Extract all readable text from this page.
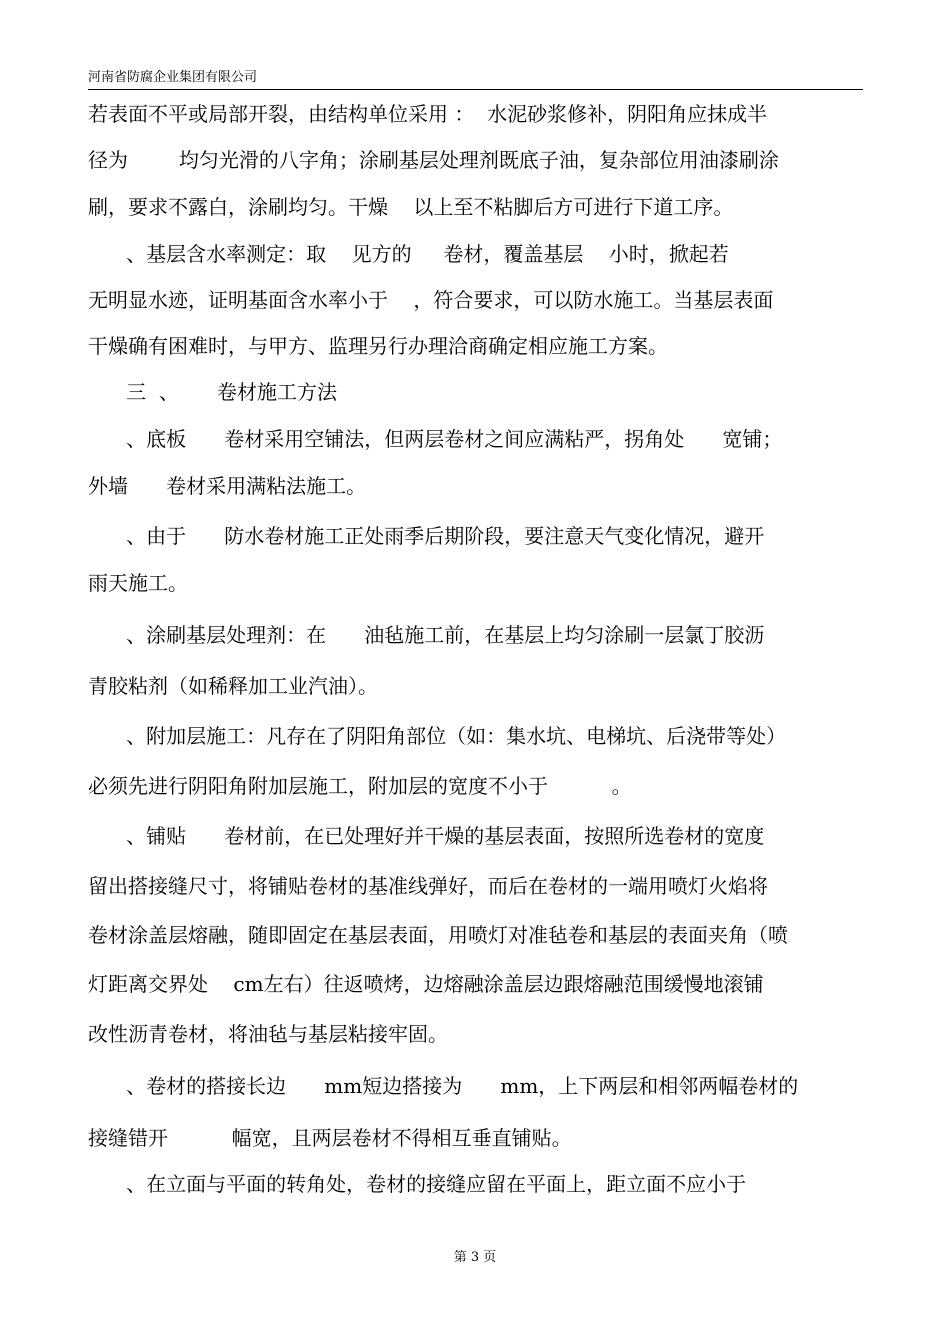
河南省防腐企业集团有限公司
若表面不平或局部开裂，由结构单位采用 ：  水泥砂浆修补，阴阳角应抹成半
径为        均匀光滑的八字角；涂刷基层处理剂既底子油，复杂部位用油漆刷涂
刷，要求不露白，涂刷均匀。干燥    以上至不粘脚后方可进行下道工序。
、基层含水率测定：取    见方的     卷材，覆盖基层    小时，掀起若
无明显水迹，证明基面含水率小于    ，符合要求，可以防水施工。当基层表面
干燥确有困难时，与甲方、监理另行办理洽商确定相应施工方案。
三  、      卷材施工方法
、底板      卷材采用空铺法，但两层卷材之间应满粘严，拐角处      宽铺；
外墙      卷材采用满粘法施工。
、由于      防水卷材施工正处雨季后期阶段，要注意天气变化情况，避开
雨天施工。
、涂刷基层处理剂：在      油毡施工前，在基层上均匀涂刷一层氯丁胶沥
青胶粘剂（如稀释加工业汽油）。
、附加层施工：凡存在了阴阳角部位（如：集水坑、电梯坑、后浇带等处）
必须先进行阴阳角附加层施工，附加层的宽度不小于          。
、铺贴      卷材前，在已处理好并干燥的基层表面，按照所选卷材的宽度
留出搭接缝尺寸，将铺贴卷材的基准线弹好，而后在卷材的一端用喷灯火焰将
卷材涂盖层熔融，随即固定在基层表面，用喷灯对准毡卷和基层的表面夹角（喷
灯距离交界处    cm左右）往返喷烤，边熔融涂盖层边跟熔融范围缓慢地滚铺
改性沥青卷材，将油毡与基层粘接牢固。
、卷材的搭接长边      mm短边搭接为      mm，上下两层和相邻两幅卷材的
接缝错开          幅宽，且两层卷材不得相互垂直铺贴。
、在立面与平面的转角处，卷材的接缝应留在平面上，距立面不应小于
第 3 页
